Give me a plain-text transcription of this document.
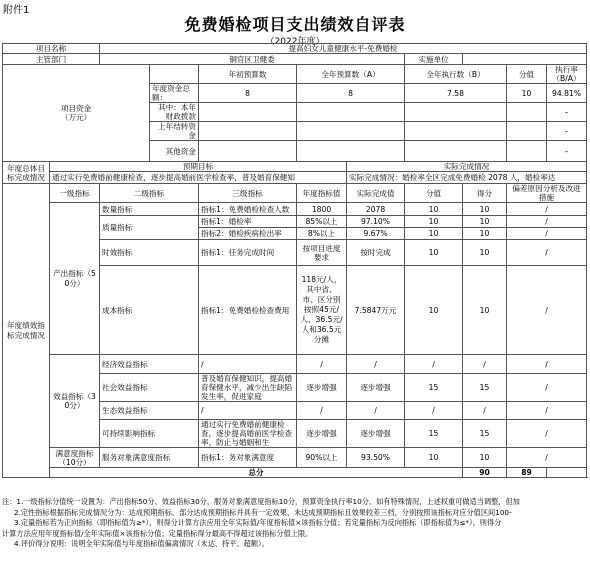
附件1
免费婚检项目支出绩效自评表
（2022年度）
项目名称		提高妇女儿童健康水平-免费婚检									
主管部门		铜官区卫健委					实施单位				
项目资金
（万元）				年初预算数	全年预算数（A）		全年执行数（B）		分值	执行率
（B/A）	
			年度资金总额：	8	8		7.58		10	94.81%	
			其中：本年财政拨款							–	
			上年结转资金							–	
			其他资金							–	
年度总体目标完成情况	预期目标					实际完成情况					
	通过实行免费婚前健康检查，逐步提高婚前医学检查率，普及婚育保健知					实际完成情况：婚检率全区完成免费婚检 2078 人，婚检率达					
年度绩效指标完成情况	一级指标	二级指标		三级指标	年度指标值	实际完成值	分值	得分	偏差原因分析及改进措施		
	产出指标（50分）	数量指标		指标1：免费婚检检查人数	1800	2078	10	10	/		
		质量指标		指标1：婚检率	85%以上	97.10%	10	10	/		
				指标2：婚检疾病检出率	8%以上	9.67%	10	10	/		
		时效指标		指标1：任务完成时间	按项目进度要求	按时完成	10	10	/		
		成本指标		指标1：免费婚检检查费用	118元/人，其中省、市、区分别按照45元/人、36.5元/人和36.5元分摊	7.5847万元	10	10	/		
	效益指标（30分）	经济效益指标		/	/	/	/	/	/		
		社会效益指标		普及婚育保健知识，提高婚育保健水平，减少出生缺陷发生率，促进家庭	逐步增强	逐步增强	15	15	/		
		生态效益指标		/	/	/	/	/	/		
		可持续影响指标		通过实行免费婚前健康检查，逐步提高婚前医学检查率，防止与婚姻和生	逐步增强	逐步增强	15	15	/		
	满意度指标（10分）	服务对象满意度指标		指标1：务对象满意度	90%以上	93.50%	10	10	/		
	总分							90	89		
注：1.一级指标分值统一设置为：产出指标50分、效益指标30分，服务对象满意度指标10分，预算资金执行率10分。如有特殊情况，上述权重可做适当调整，但加
2.定性指标根据指标完成情况分为：达成预期指标、部分达成预期指标并具有一定效果、未达成预期指标且效果较差三档，分别按照该指标对应分值区间100-
3.定量指标若为正向指标（即指标值为≥*），则得分计算方法应用全年实际值/年度指标值×该指标分值；若定量指标为反向指标（即指标值为≤*），则得分
计算方法应用年度指标值/全年实际值×该指标分值；定量指标得分最高不得超过该指标分值上限。
4.评价得分说明：说明全年实际值与年度指标值偏离情况（未达、持平、超额）。
